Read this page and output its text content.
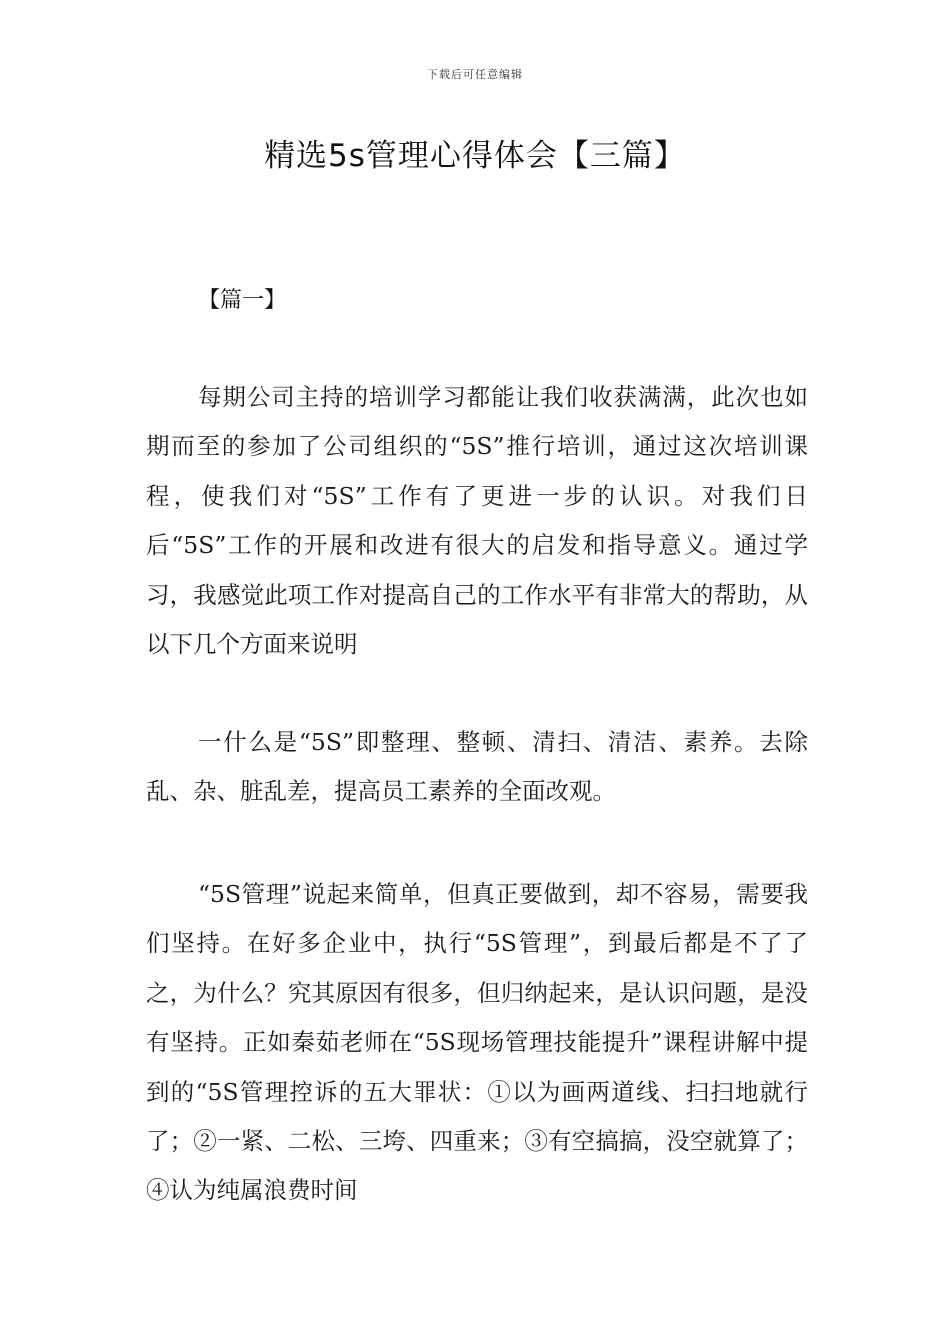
下载后可任意编辑
精选5s管理心得体会【三篇】
【篇一】

每期公司主持的培训学习都能让我们收获满满，此次也如期而至的参加了公司组织的“5S”推行培训，通过这次培训课程，使我们对“5S”工作有了更进一步的认识。对我们日后“5S”工作的开展和改进有很大的启发和指导意义。通过学习，我感觉此项工作对提高自己的工作水平有非常大的帮助，从以下几个方面来说明

一什么是“5S”即整理、整顿、清扫、清洁、素养。去除乱、杂、脏乱差，提高员工素养的全面改观。

“5S管理”说起来简单，但真正要做到，却不容易，需要我们坚持。在好多企业中，执行“5S管理”，到最后都是不了了之，为什么？究其原因有很多，但归纳起来，是认识问题，是没有坚持。正如秦茹老师在“5S现场管理技能提升”课程讲解中提到的“5S管理控诉的五大罪状：①以为画两道线、扫扫地就行了；②一紧、二松、三垮、四重来；③有空搞搞，没空就算了；④认为纯属浪费时间
